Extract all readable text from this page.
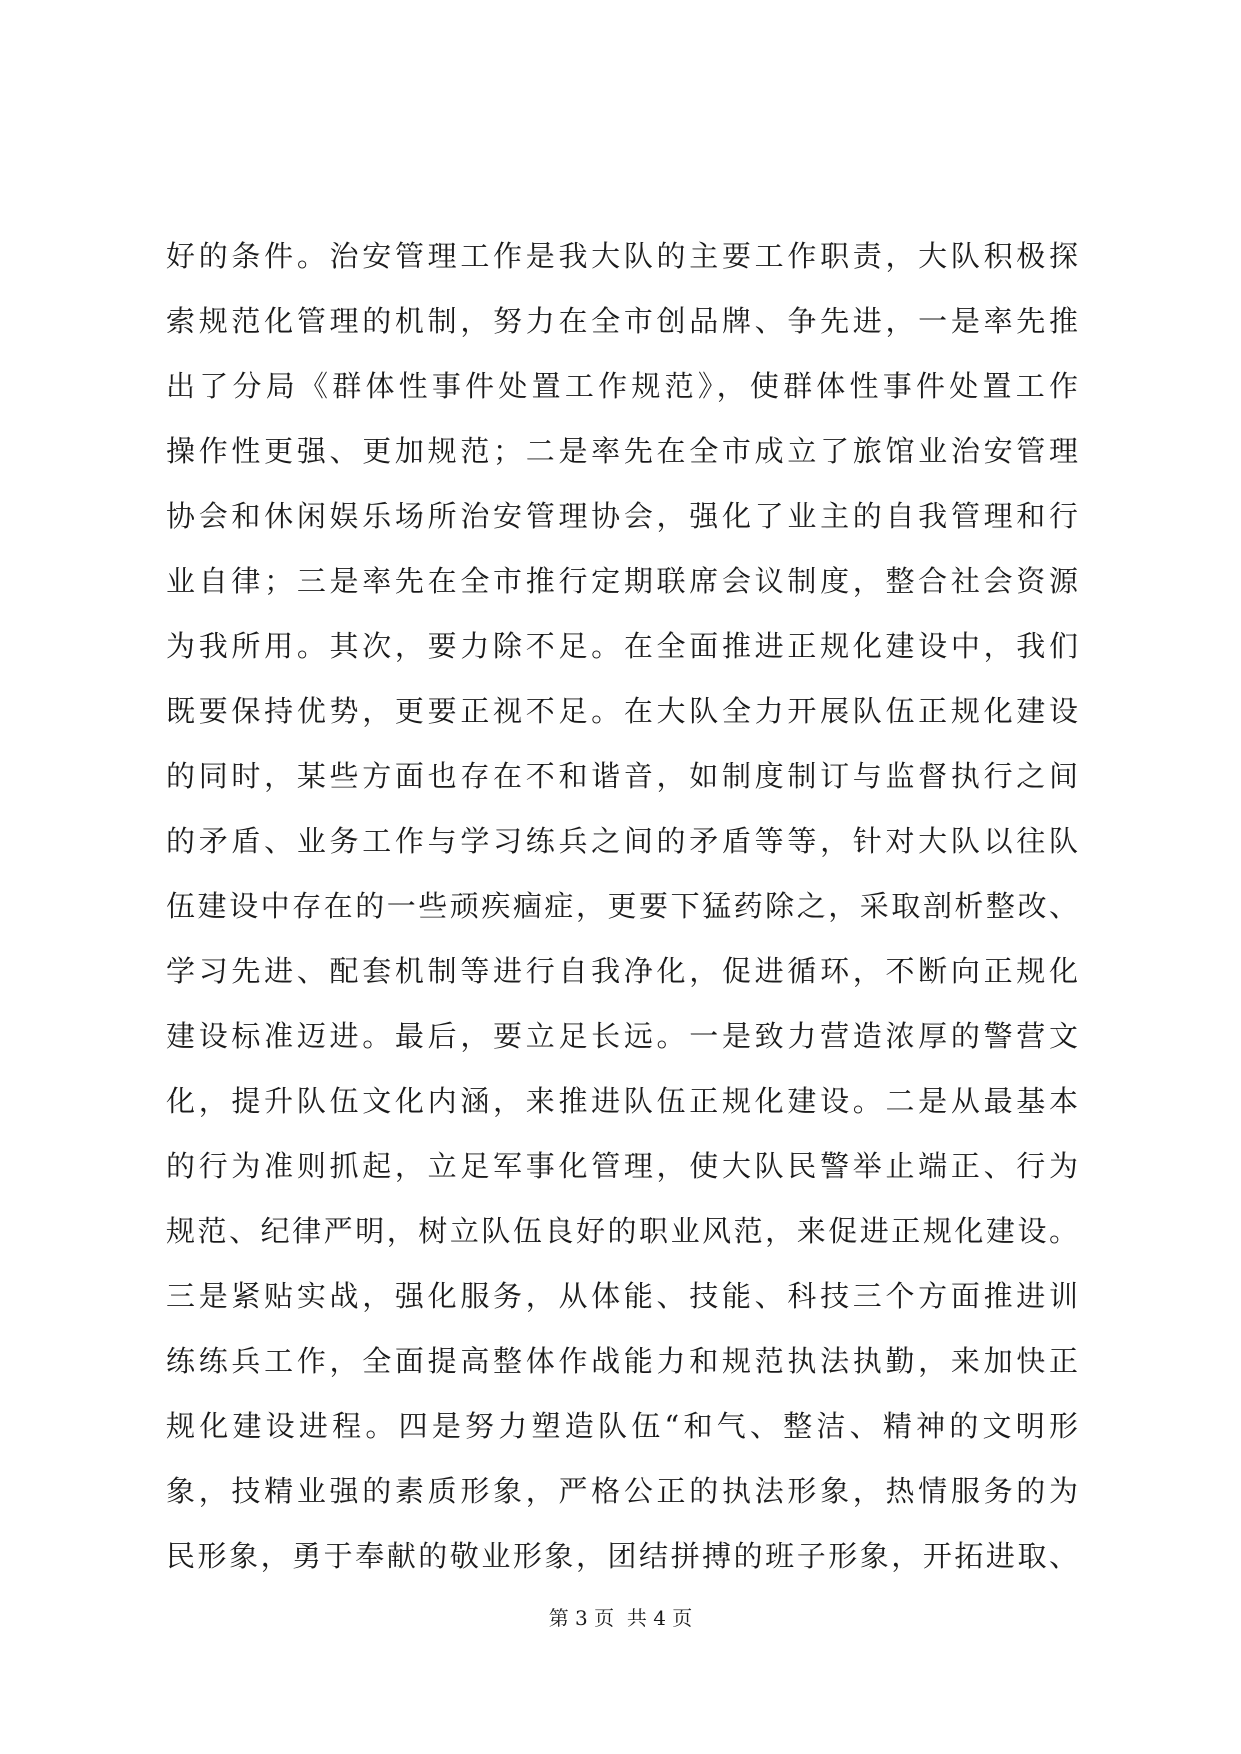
好的条件。治安管理工作是我大队的主要工作职责，大队积极探
索规范化管理的机制，努力在全市创品牌、争先进，一是率先推
出了分局《群体性事件处置工作规范》，使群体性事件处置工作
操作性更强、更加规范；二是率先在全市成立了旅馆业治安管理
协会和休闲娱乐场所治安管理协会，强化了业主的自我管理和行
业自律；三是率先在全市推行定期联席会议制度，整合社会资源
为我所用。其次，要力除不足。在全面推进正规化建设中，我们
既要保持优势，更要正视不足。在大队全力开展队伍正规化建设
的同时，某些方面也存在不和谐音，如制度制订与监督执行之间
的矛盾、业务工作与学习练兵之间的矛盾等等，针对大队以往队
伍建设中存在的一些顽疾痼症，更要下猛药除之，采取剖析整改、
学习先进、配套机制等进行自我净化，促进循环，不断向正规化
建设标准迈进。最后，要立足长远。一是致力营造浓厚的警营文
化，提升队伍文化内涵，来推进队伍正规化建设。二是从最基本
的行为准则抓起，立足军事化管理，使大队民警举止端正、行为
规范、纪律严明，树立队伍良好的职业风范，来促进正规化建设。
三是紧贴实战，强化服务，从体能、技能、科技三个方面推进训
练练兵工作，全面提高整体作战能力和规范执法执勤，来加快正
规化建设进程。四是努力塑造队伍“和气、整洁、精神的文明形
象，技精业强的素质形象，严格公正的执法形象，热情服务的为
民形象，勇于奉献的敬业形象，团结拼搏的班子形象，开拓进取、
第 3 页  共 4 页
